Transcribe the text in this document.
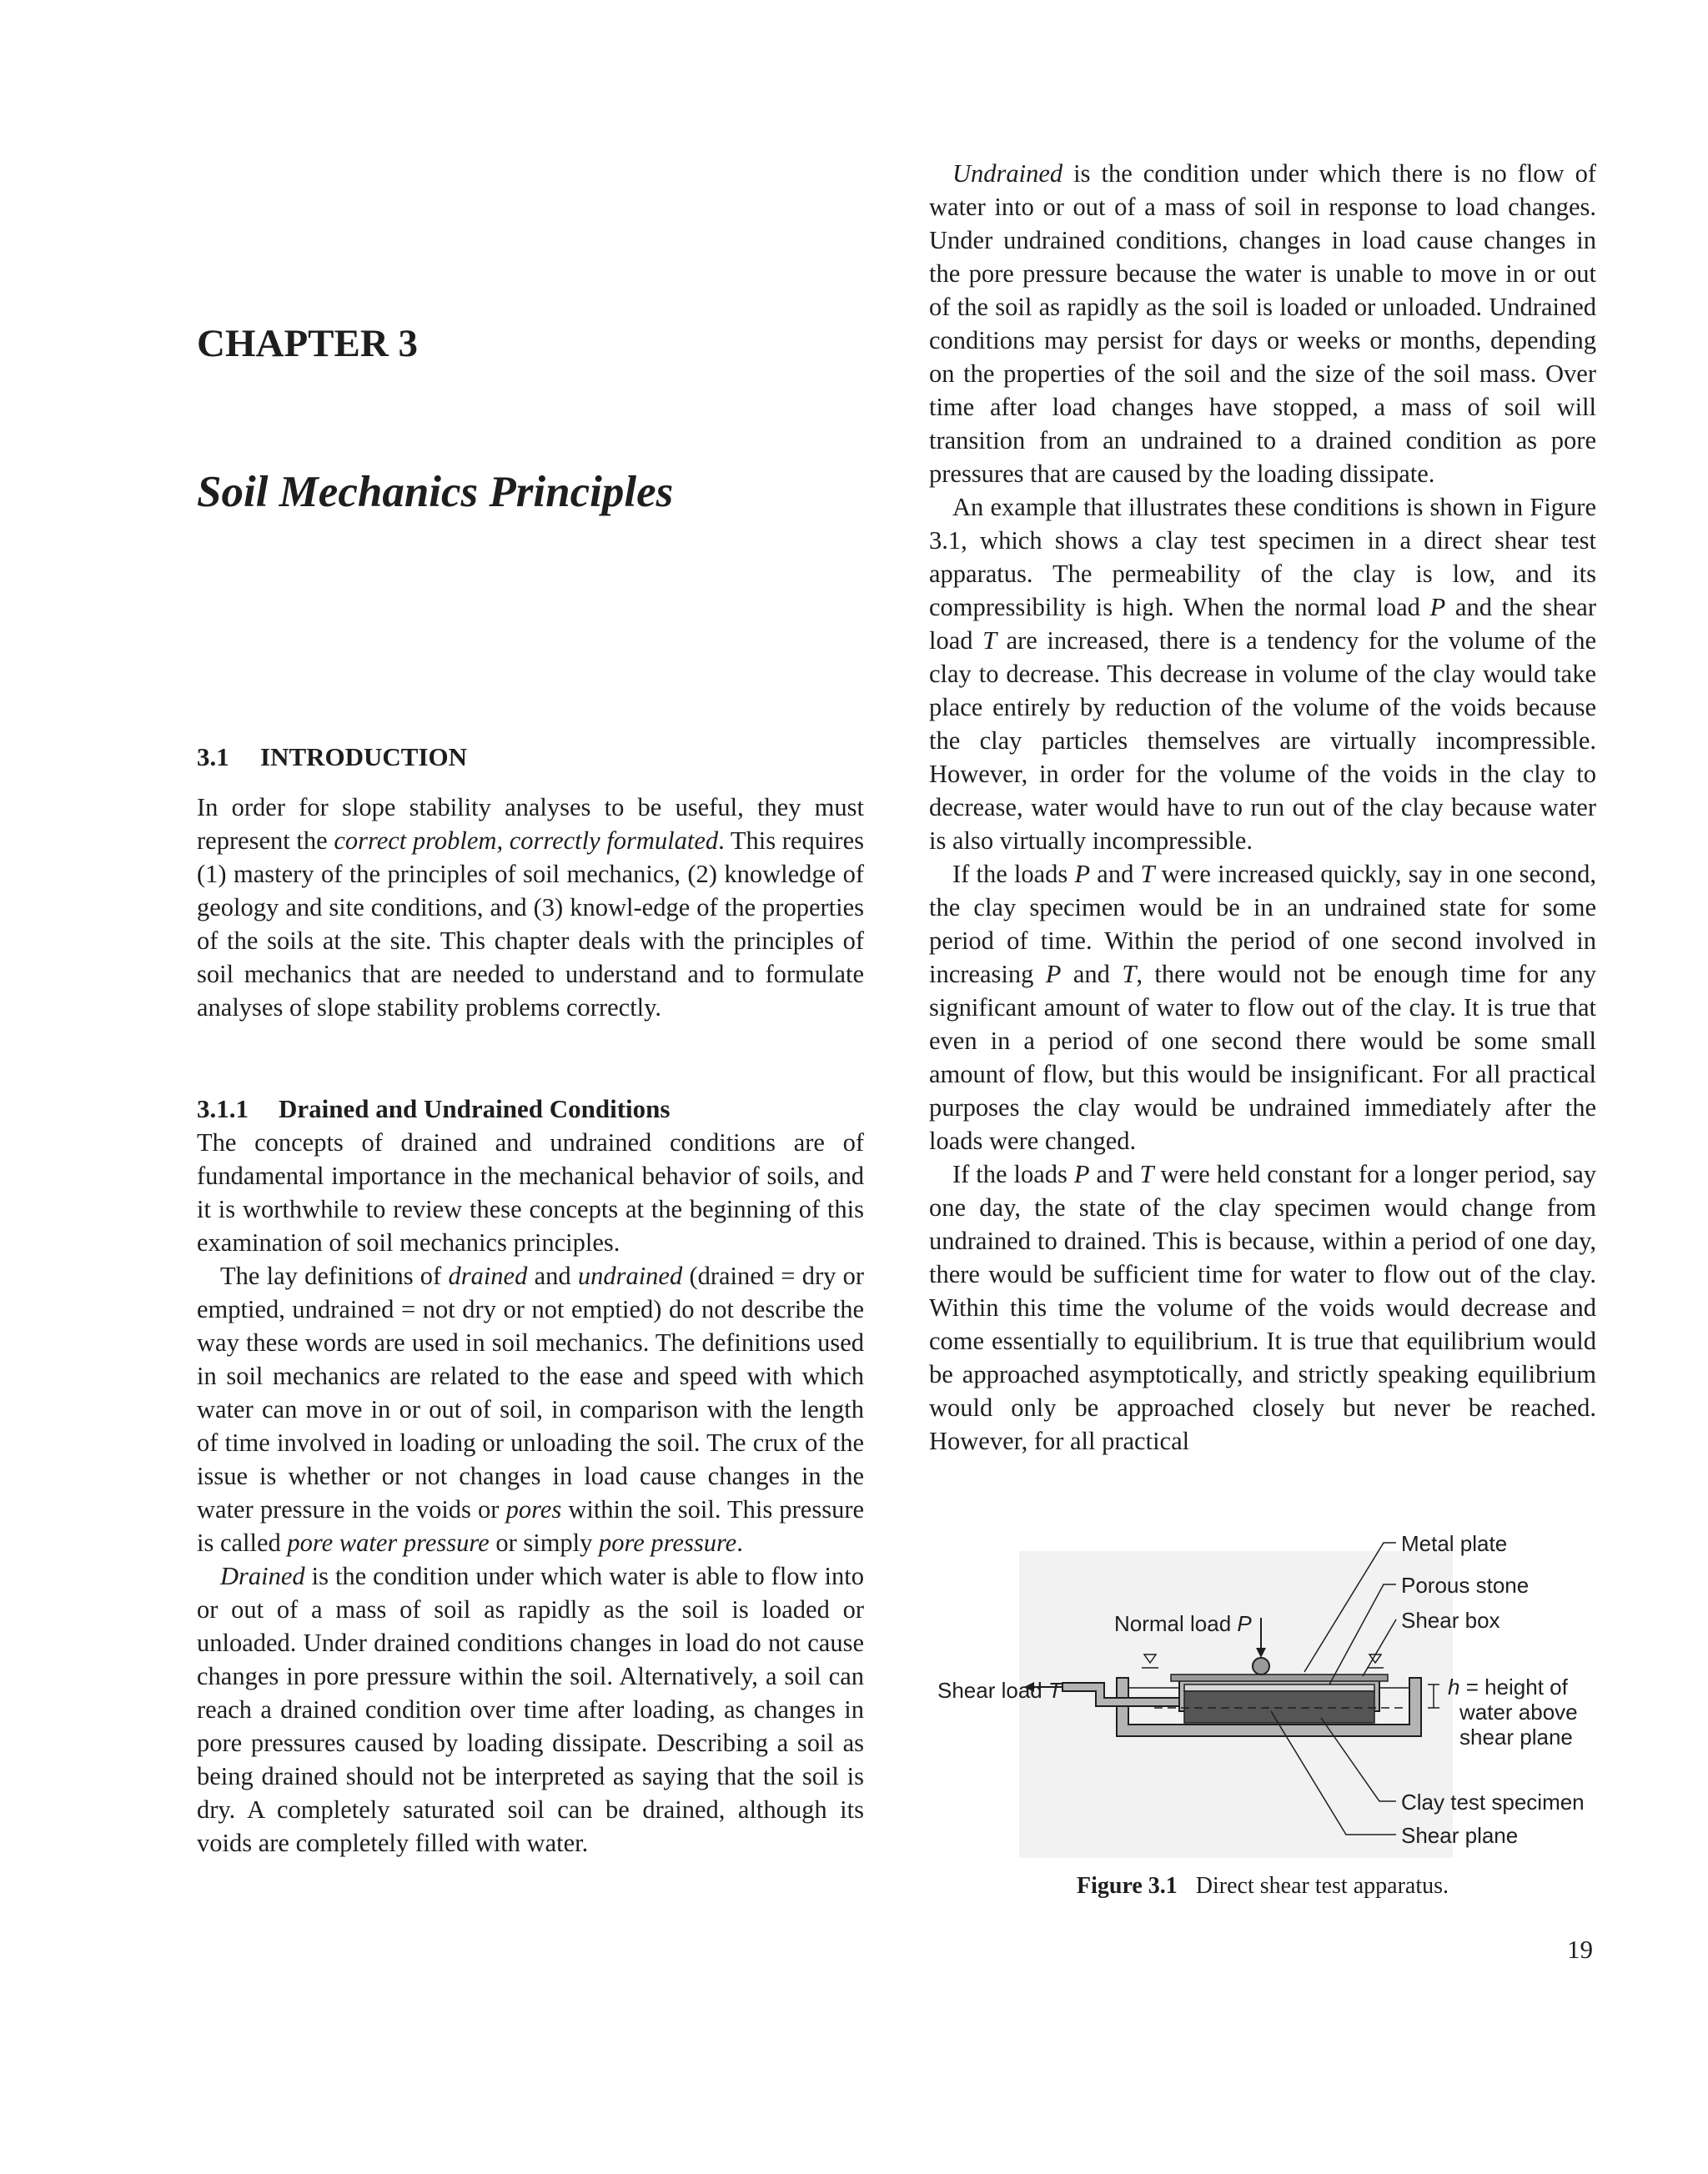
CHAPTER 3
Soil Mechanics Principles
3.1 INTRODUCTION

In order for slope stability analyses to be useful, they must represent the correct problem, correctly formulated. This requires (1) mastery of the principles of soil mechanics, (2) knowledge of geology and site conditions, and (3) knowl-edge of the properties of the soils at the site. This chapter deals with the principles of soil mechanics that are needed to understand and to formulate analyses of slope stability problems correctly.

The concepts of drained and undrained conditions are of fundamental importance in the mechanical behavior of soils, and it is worthwhile to review these concepts at the beginning of this examination of soil mechanics principles.

The lay definitions of drained and undrained (drained = dry or emptied, undrained = not dry or not emptied) do not describe the way these words are used in soil mechanics. The definitions used in soil mechanics are related to the ease and speed with which water can move in or out of soil, in comparison with the length of time involved in loading or unloading the soil. The crux of the issue is whether or not changes in load cause changes in the water pressure in the voids or pores within the soil. This pressure is called pore water pressure or simply pore pressure.

Drained is the condition under which water is able to flow into or out of a mass of soil as rapidly as the soil is loaded or unloaded. Under drained conditions changes in load do not cause changes in pore pressure within the soil. Alternatively, a soil can reach a drained condition over time after loading, as changes in pore pressures caused by loading dissipate. Describing a soil as being drained should not be interpreted as saying that the soil is dry. A completely saturated soil can be drained, although its voids are completely filled with water.

3.1.1 Drained and Undrained Conditions

Undrained is the condition under which there is no flow of water into or out of a mass of soil in response to load changes. Under undrained conditions, changes in load cause changes in the pore pressure because the water is unable to move in or out of the soil as rapidly as the soil is loaded or unloaded. Undrained conditions may persist for days or weeks or months, depending on the properties of the soil and the size of the soil mass. Over time after load changes have stopped, a mass of soil will transition from an undrained to a drained condition as pore pressures that are caused by the loading dissipate.

An example that illustrates these conditions is shown in Figure 3.1, which shows a clay test specimen in a direct shear test apparatus. The permeability of the clay is low, and its compressibility is high. When the normal load P and the shear load T are increased, there is a tendency for the volume of the clay to decrease. This decrease in volume of the clay would take place entirely by reduction of the volume of the voids because the clay particles themselves are virtually incompressible. However, in order for the volume of the voids in the clay to decrease, water would have to run out of the clay because water is also virtually incompressible.

If the loads P and T were increased quickly, say in one second, the clay specimen would be in an undrained state for some period of time. Within the period of one second involved in increasing P and T, there would not be enough time for any significant amount of water to flow out of the clay. It is true that even in a period of one second there would be some small amount of flow, but this would be insignificant. For all practical purposes the clay would be undrained immediately after the loads were changed.

If the loads P and T were held constant for a longer period, say one day, the state of the clay specimen would change from undrained to drained. This is because, within a period of one day, there would be sufficient time for water to flow out of the clay. Within this time the volume of the voids would decrease and come essentially to equilibrium. It is true that equilibrium would be approached asymptotically, and strictly speaking equilibrium would only be approached closely but never be reached. However, for all practical

Metal plate
Porous stone
Shear box
Normal load P
Shear load T	h = height of
water above
shear plane
Clay test specimen
Shear plane
Figure 3.1 Direct shear test apparatus.
19
